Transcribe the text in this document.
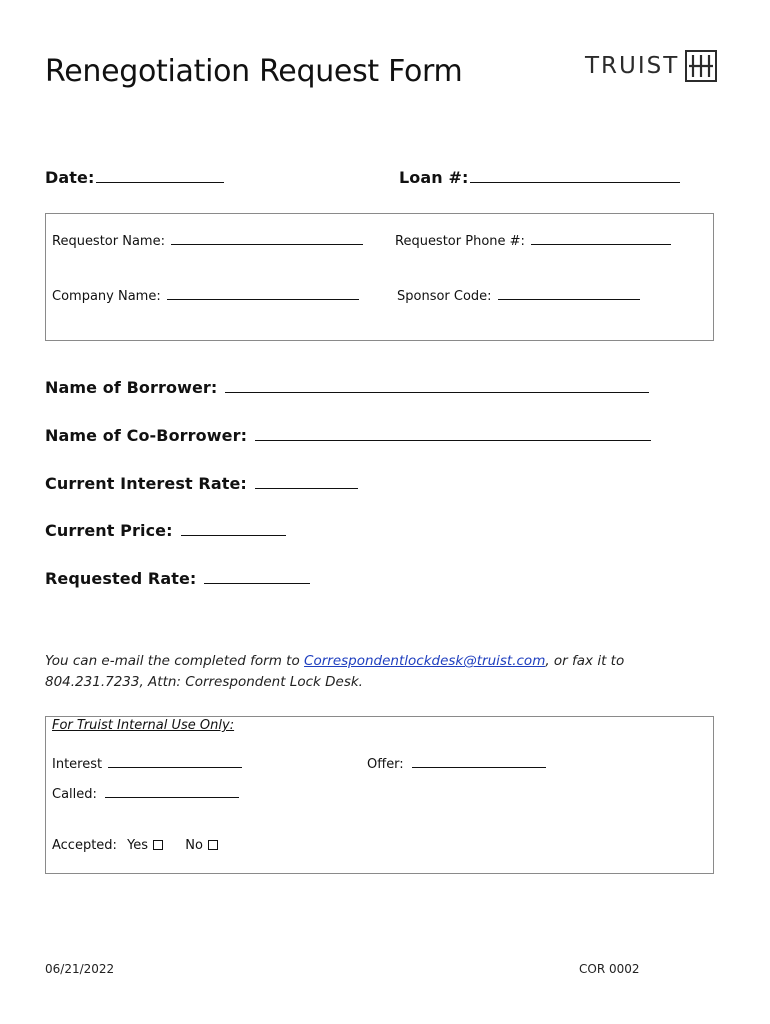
Renegotiation Request Form	TRUIST
Date:	Loan #:
Requestor Name:	Requestor Phone #:
Company Name:	Sponsor Code:
Name of Borrower:
Name of Co-Borrower:
Current Interest Rate:
Current Price:
Requested Rate:
You can e-mail the completed form to Correspondentlockdesk@truist.com, or fax it to 804.231.7233, Attn: Correspondent Lock Desk.
For Truist Internal Use Only:
Interest	Offer:
Called:
Accepted: Yes	No
06/21/2022	COR 0002
